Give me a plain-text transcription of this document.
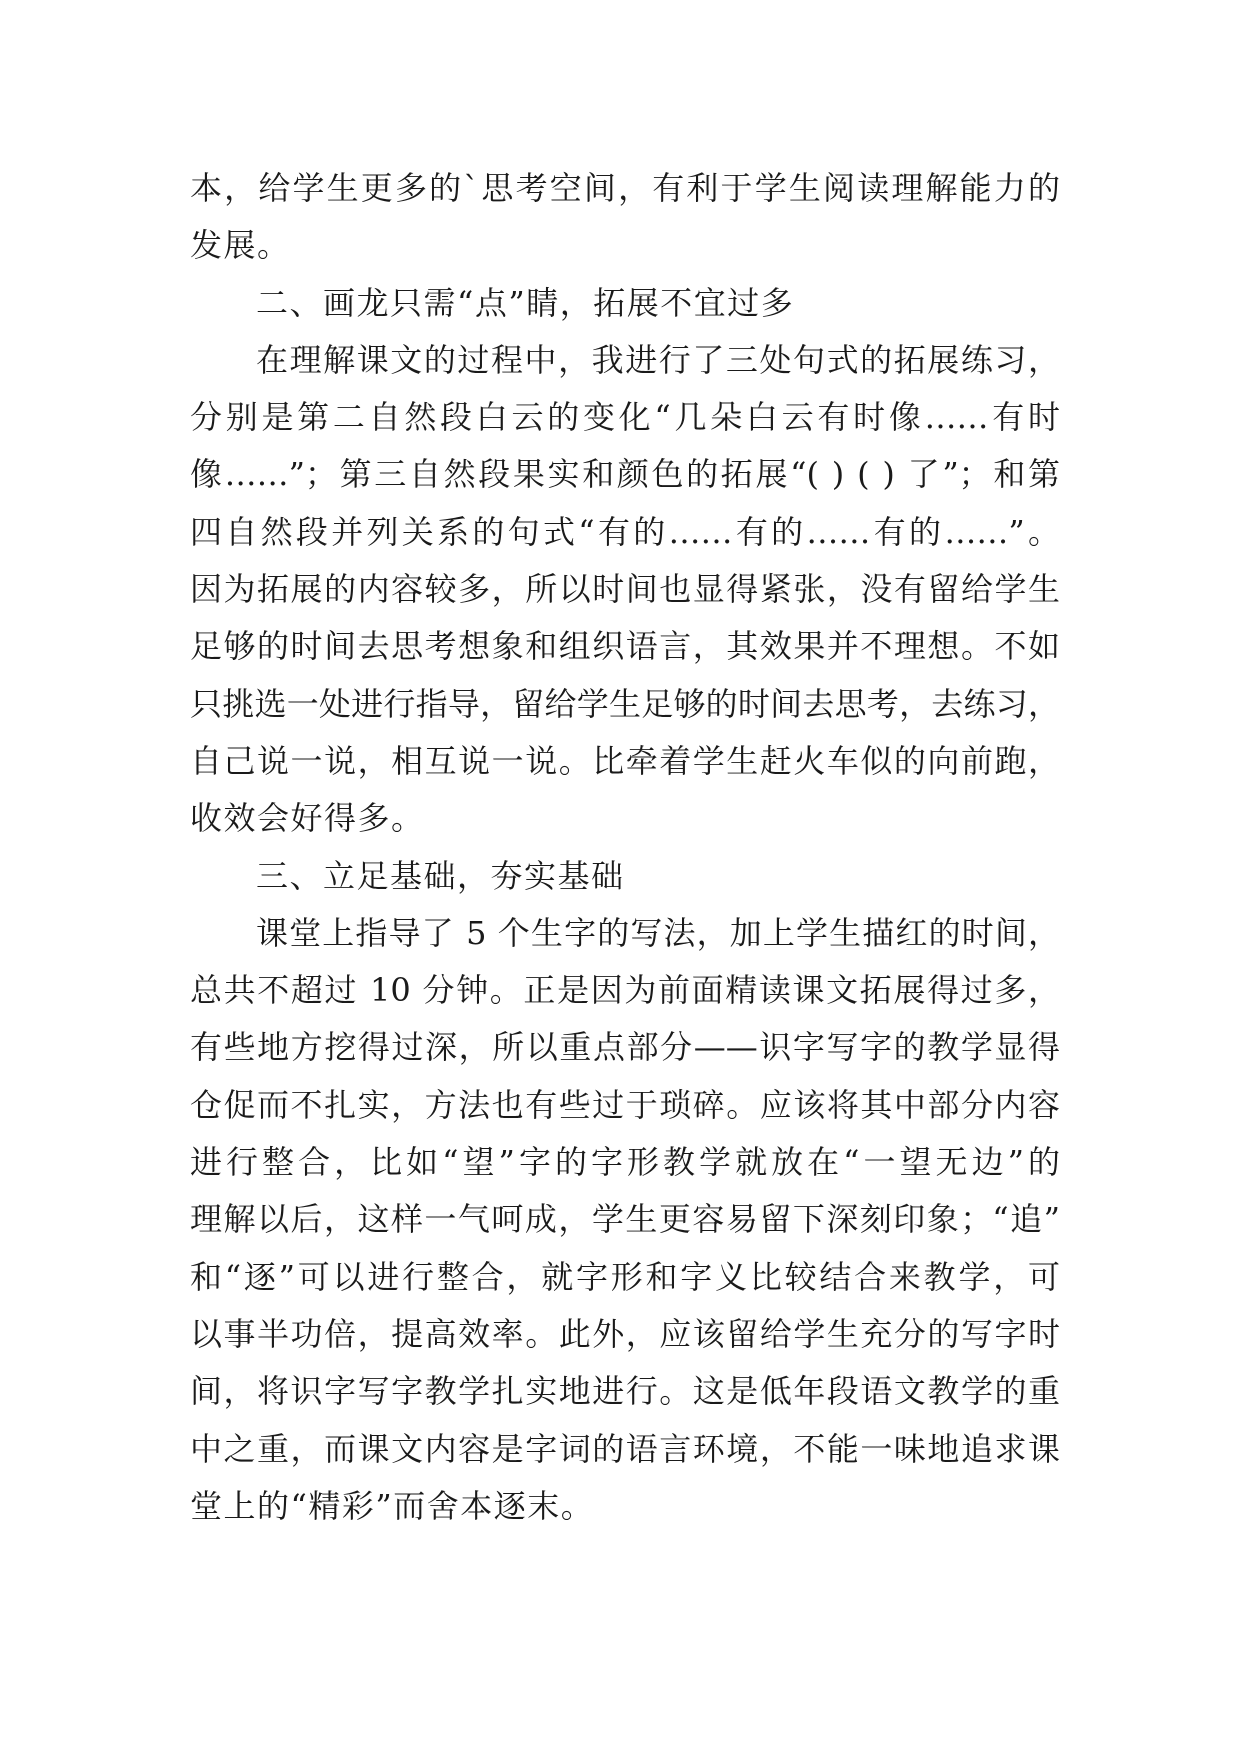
本，给学生更多的`思考空间，有利于学生阅读理解能力的
发展。
二、画龙只需“点”睛，拓展不宜过多
在理解课文的过程中，我进行了三处句式的拓展练习，
分别是第二自然段白云的变化“几朵白云有时像……有时
像……”；第三自然段果实和颜色的拓展“( ) ( ) 了”；和第
四自然段并列关系的句式“有的……有的……有的……”。
因为拓展的内容较多，所以时间也显得紧张，没有留给学生
足够的时间去思考想象和组织语言，其效果并不理想。不如
只挑选一处进行指导，留给学生足够的时间去思考，去练习，
自己说一说，相互说一说。比牵着学生赶火车似的向前跑，
收效会好得多。
三、立足基础，夯实基础
课堂上指导了 5 个生字的写法，加上学生描红的时间，
总共不超过 10 分钟。正是因为前面精读课文拓展得过多，
有些地方挖得过深，所以重点部分——识字写字的教学显得
仓促而不扎实，方法也有些过于琐碎。应该将其中部分内容
进行整合，比如“望”字的字形教学就放在“一望无边”的
理解以后，这样一气呵成，学生更容易留下深刻印象；“追”
和“逐”可以进行整合，就字形和字义比较结合来教学，可
以事半功倍，提高效率。此外，应该留给学生充分的写字时
间，将识字写字教学扎实地进行。这是低年段语文教学的重
中之重，而课文内容是字词的语言环境，不能一味地追求课
堂上的“精彩”而舍本逐末。
